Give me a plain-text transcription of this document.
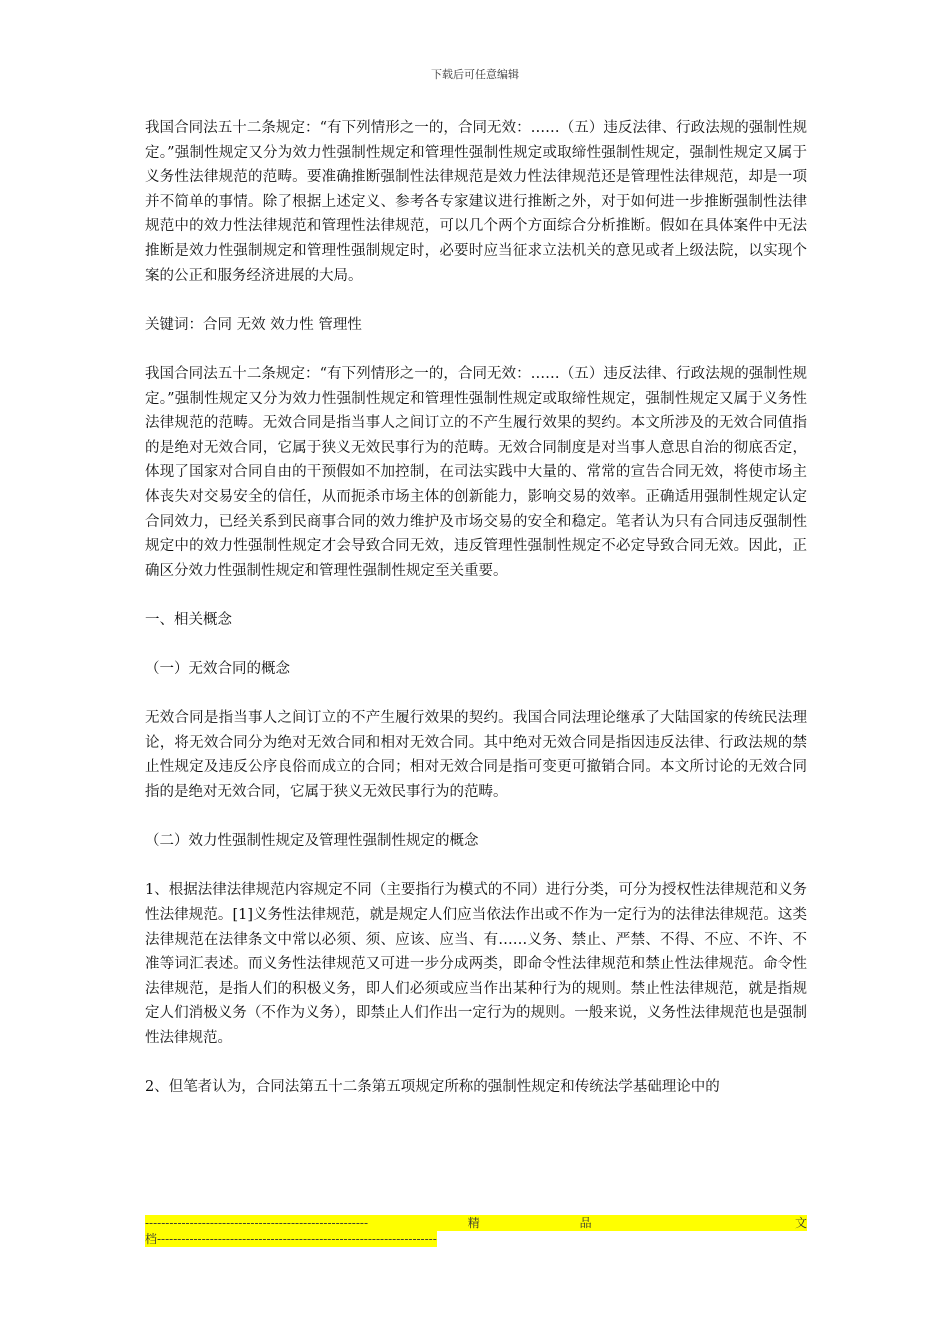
下载后可任意编辑

我国合同法五十二条规定：“有下列情形之一的，合同无效：……（五）违反法律、行政法规的强制性规定。”强制性规定又分为效力性强制性规定和管理性强制性规定或取缔性强制性规定，强制性规定又属于义务性法律规范的范畴。要准确推断强制性法律规范是效力性法律规范还是管理性法律规范，却是一项并不简单的事情。除了根据上述定义、参考各专家建议进行推断之外，对于如何进一步推断强制性法律规范中的效力性法律规范和管理性法律规范，可以几个两个方面综合分析推断。假如在具体案件中无法推断是效力性强制规定和管理性强制规定时，必要时应当征求立法机关的意见或者上级法院，以实现个案的公正和服务经济进展的大局。

关键词：合同 无效 效力性 管理性

我国合同法五十二条规定：“有下列情形之一的，合同无效：……（五）违反法律、行政法规的强制性规定。”强制性规定又分为效力性强制性规定和管理性强制性规定或取缔性规定，强制性规定又属于义务性法律规范的范畴。无效合同是指当事人之间订立的不产生履行效果的契约。本文所涉及的无效合同值指的是绝对无效合同，它属于狭义无效民事行为的范畴。无效合同制度是对当事人意思自治的彻底否定，体现了国家对合同自由的干预假如不加控制，在司法实践中大量的、常常的宣告合同无效，将使市场主体丧失对交易安全的信任，从而扼杀市场主体的创新能力，影响交易的效率。正确适用强制性规定认定合同效力，已经关系到民商事合同的效力维护及市场交易的安全和稳定。笔者认为只有合同违反强制性规定中的效力性强制性规定才会导致合同无效，违反管理性强制性规定不必定导致合同无效。因此，正确区分效力性强制性规定和管理性强制性规定至关重要。

一、相关概念

（一）无效合同的概念

无效合同是指当事人之间订立的不产生履行效果的契约。我国合同法理论继承了大陆国家的传统民法理论，将无效合同分为绝对无效合同和相对无效合同。其中绝对无效合同是指因违反法律、行政法规的禁止性规定及违反公序良俗而成立的合同；相对无效合同是指可变更可撤销合同。本文所讨论的无效合同指的是绝对无效合同，它属于狭义无效民事行为的范畴。

（二）效力性强制性规定及管理性强制性规定的概念

1、根据法律法律规范内容规定不同（主要指行为模式的不同）进行分类，可分为授权性法律规范和义务性法律规范。[1]义务性法律规范，就是规定人们应当依法作出或不作为一定行为的法律法律规范。这类法律规范在法律条文中常以必须、须、应该、应当、有……义务、禁止、严禁、不得、不应、不许、不准等词汇表述。而义务性法律规范又可进一步分成两类，即命令性法律规范和禁止性法律规范。命令性法律规范，是指人们的积极义务，即人们必须或应当作出某种行为的规则。禁止性法律规范，就是指规定人们消极义务（不作为义务），即禁止人们作出一定行为的规则。一般来说，义务性法律规范也是强制性法律规范。

2、但笔者认为，合同法第五十二条第五项规定所称的强制性规定和传统法学基础理论中的

-------------------------------------------------------	精	品
	文
档---------------------------------------------------------------------
